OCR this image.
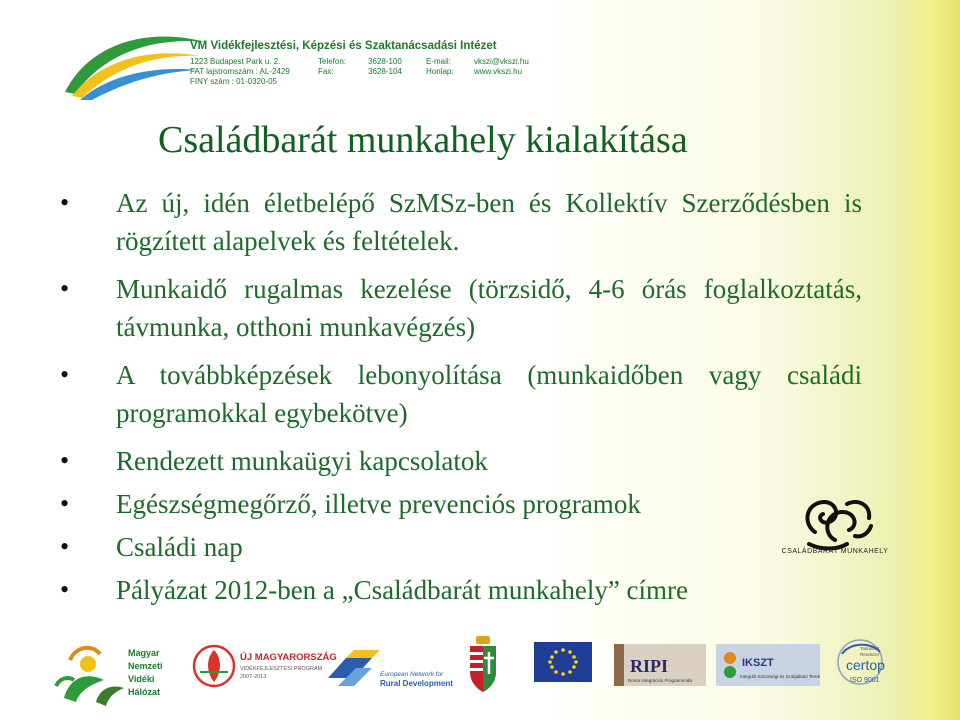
VM Vidékfejlesztési, Képzési és Szaktanácsadási Intézet
1223 Budapest Park u. 2.	Telefon:	3628-100	E-mail:	vkszi@vkszi.hu
FAT lajstromszám : AL-2429	Fax:	3628-104	Honlap:	www.vkszi.hu
FINY szám : 01-0320-05
Családbarát munkahely kialakítása
• Az új, idén életbelépő SzMSz-ben és Kollektív Szerződésben is rögzített alapelvek és feltételek.
• Munkaidő rugalmas kezelése (törzsidő, 4-6 órás foglalkoztatás, távmunka, otthoni munkavégzés)
• A továbbképzések lebonyolítása (munkaidőben vagy családi programokkal egybekötve)
• Rendezett munkaügyi kapcsolatok
• Egészségmegőrző, illetve prevenciós programok
• Családi nap
• Pályázat 2012-ben a „Családbarát munkahely” címre
CSALÁDBARÁT MUNKAHELY
Magyar
Nemzeti
Vidéki
Hálózat
ÚJ MAGYARORSZÁG
VIDÉKFEJLESZTÉSI PROGRAM
2007-2013	European Network for
Rural Development
RIPI
Roma Integrációs Programiroda
IKSZT
Integrált Közösségi és Szolgáltató Terek
Tanúsított
Rendszer
certop
ISO 9001
